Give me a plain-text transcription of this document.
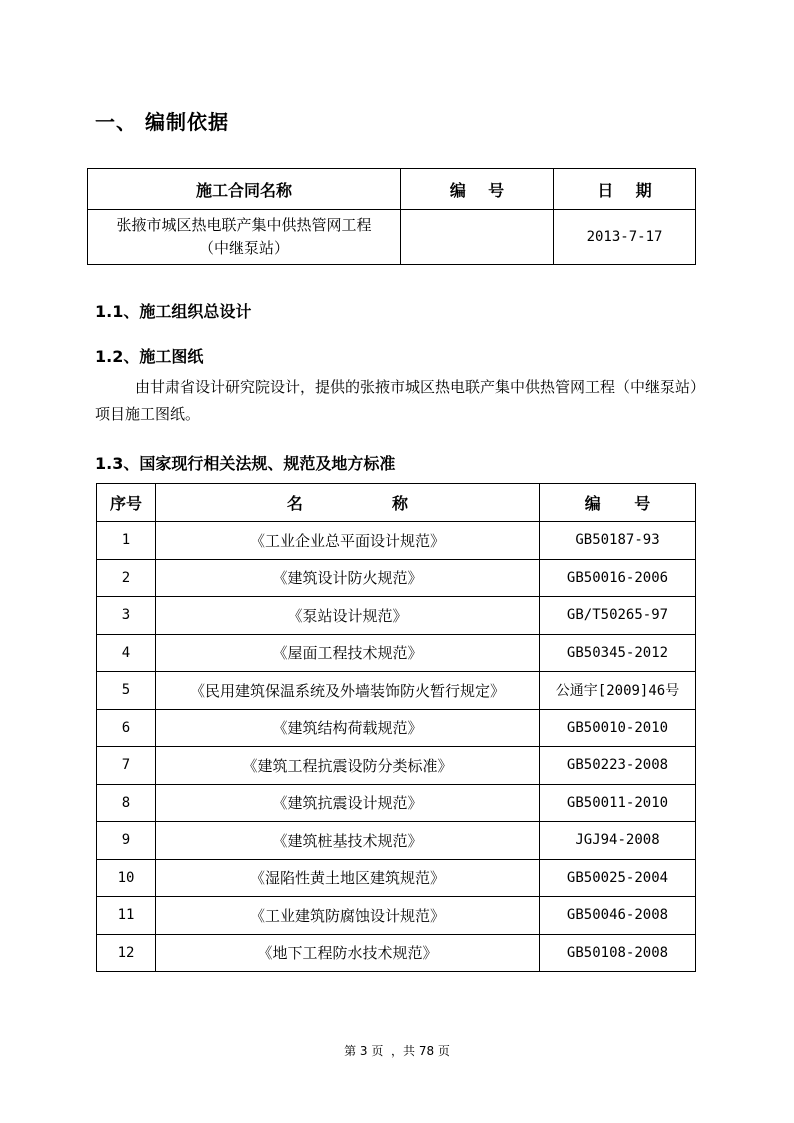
一、 编制依据
施工合同名称	编    号	日    期

张掖市城区热电联产集中供热管网工程
（中继泵站）		2013-7-17
1.1、施工组织总设计
1.2、施工图纸
由甘肃省设计研究院设计，提供的张掖市城区热电联产集中供热管网工程（中继泵站）项目施工图纸。
1.3、国家现行相关法规、规范及地方标准
序号	名                称	编      号
1	《工业企业总平面设计规范》	GB50187-93
2	《建筑设计防火规范》	GB50016-2006
3	《泵站设计规范》	GB/T50265-97
4	《屋面工程技术规范》	GB50345-2012
5	《民用建筑保温系统及外墙装饰防火暂行规定》	公通宇[2009]46号
6	《建筑结构荷载规范》	GB50010-2010
7	《建筑工程抗震设防分类标准》	GB50223-2008
8	《建筑抗震设计规范》	GB50011-2010
9	《建筑桩基技术规范》	JGJ94-2008
10	《湿陷性黄土地区建筑规范》	GB50025-2004
11	《工业建筑防腐蚀设计规范》	GB50046-2008
12	《地下工程防水技术规范》	GB50108-2008
第 3 页 ，共 78 页
